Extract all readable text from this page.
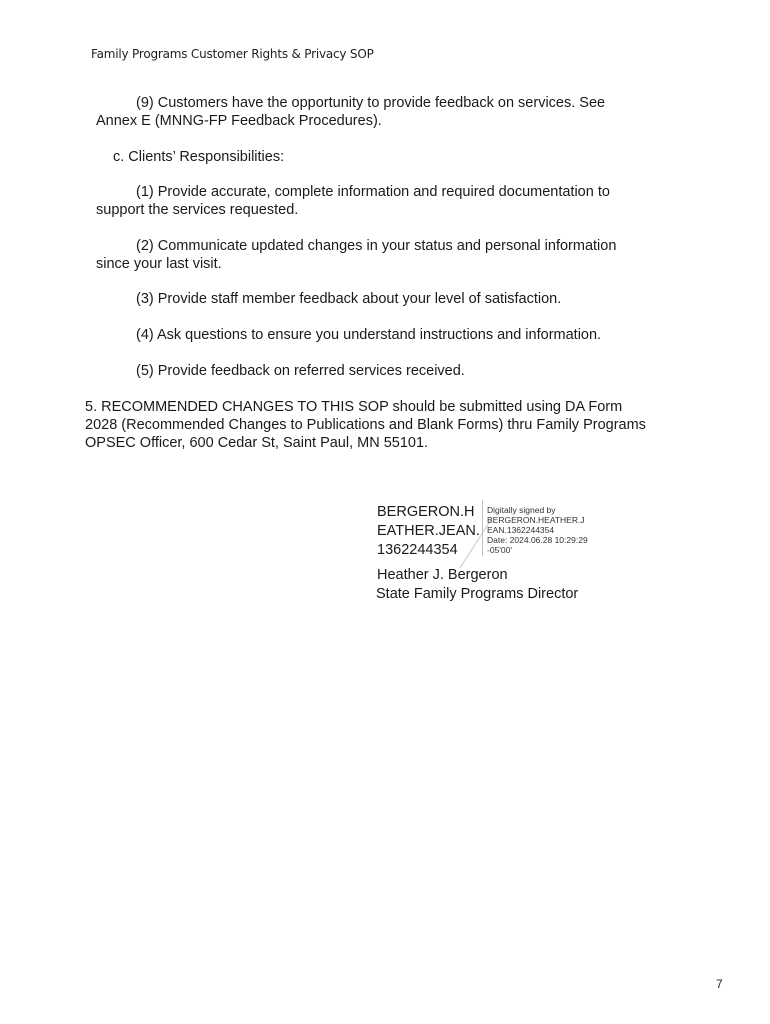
Family Programs Customer Rights & Privacy SOP
(9) Customers have the opportunity to provide feedback on services. See
Annex E (MNNG-FP Feedback Procedures).
c. Clients’ Responsibilities:
(1) Provide accurate, complete information and required documentation to
support the services requested.
(2) Communicate updated changes in your status and personal information
since your last visit.
(3) Provide staff member feedback about your level of satisfaction.
(4) Ask questions to ensure you understand instructions and information.
(5) Provide feedback on referred services received.
5. RECOMMENDED CHANGES TO THIS SOP should be submitted using DA Form
2028 (Recommended Changes to Publications and Blank Forms) thru Family Programs
OPSEC Officer, 600 Cedar St, Saint Paul, MN 55101.
BERGERON.H
EATHER.JEAN.
1362244354
Digitally signed by
BERGERON.HEATHER.J
EAN.1362244354
Date: 2024.06.28 10:29:29
-05'00'
Heather J. Bergeron
State Family Programs Director
7
